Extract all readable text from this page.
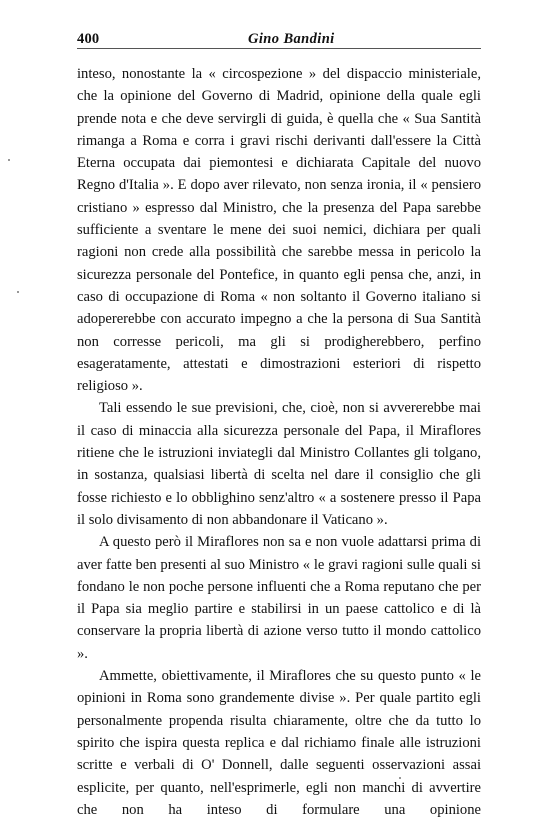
400	Gino Bandini

inteso, nonostante la « circospezione » del dispaccio ministeriale, che la opinione del Governo di Madrid, opinione della quale egli prende nota e che deve servirgli di guida, è quella che « Sua Santità rimanga a Roma e corra i gravi rischi derivanti dall'essere la Città Eterna occupata dai piemontesi e dichiarata Capitale del nuovo Regno d'Italia ». E dopo aver rilevato, non senza ironia, il « pensiero cristiano » espresso dal Ministro, che la presenza del Papa sarebbe sufficiente a sventare le mene dei suoi nemici, dichiara per quali ragioni non crede alla possibilità che sarebbe messa in pericolo la sicurezza personale del Pontefice, in quanto egli pensa che, anzi, in caso di occupazione di Roma « non soltanto il Governo italiano si adopererebbe con accurato impegno a che la persona di Sua Santità non corresse pericoli, ma gli si prodigherebbero, perfino esageratamente, attestati e dimostrazioni esteriori di rispetto religioso ».

Tali essendo le sue previsioni, che, cioè, non si avvererebbe mai il caso di minaccia alla sicurezza personale del Papa, il Miraflores ritiene che le istruzioni inviategli dal Ministro Collantes gli tolgano, in sostanza, qualsiasi libertà di scelta nel dare il consiglio che gli fosse richiesto e lo obblighino senz'altro « a sostenere presso il Papa il solo divisamento di non abbandonare il Vaticano ».

A questo però il Miraflores non sa e non vuole adattarsi prima di aver fatte ben presenti al suo Ministro « le gravi ragioni sulle quali si fondano le non poche persone influenti che a Roma reputano che per il Papa sia meglio partire e stabilirsi in un paese cattolico e di là conservare la propria libertà di azione verso tutto il mondo cattolico ».

Ammette, obiettivamente, il Miraflores che su questo punto « le opinioni in Roma sono grandemente divise ». Per quale partito egli personalmente propenda risulta chiaramente, oltre che da tutto lo spirito che ispira questa replica e dal richiamo finale alle istruzioni scritte e verbali di O' Donnell, dalle seguenti osservazioni assai esplicite, per quanto, nell'esprimerle, egli non manchi di avvertire che non ha inteso di formulare una opinione
